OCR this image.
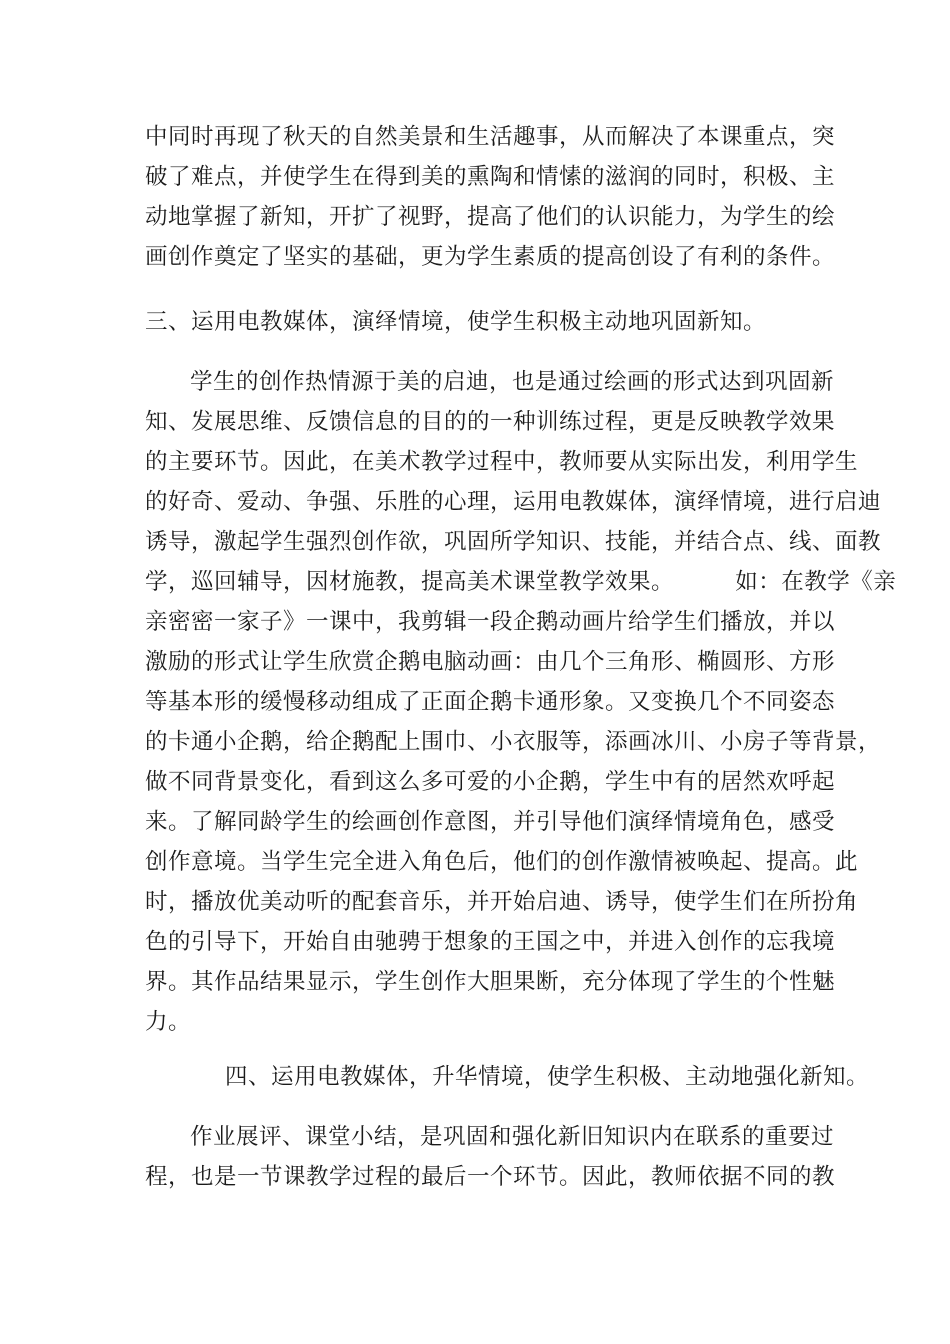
中同时再现了秋天的自然美景和生活趣事，从而解决了本课重点，突
破了难点，并使学生在得到美的熏陶和情愫的滋润的同时，积极、主
动地掌握了新知，开扩了视野，提高了他们的认识能力，为学生的绘
画创作奠定了坚实的基础，更为学生素质的提高创设了有利的条件。
三、运用电教媒体，演绎情境，使学生积极主动地巩固新知。
学生的创作热情源于美的启迪，也是通过绘画的形式达到巩固新
知、发展思维、反馈信息的目的的一种训练过程，更是反映教学效果
的主要环节。因此，在美术教学过程中，教师要从实际出发，利用学生
的好奇、爱动、争强、乐胜的心理，运用电教媒体，演绎情境，进行启迪
诱导，激起学生强烈创作欲，巩固所学知识、技能，并结合点、线、面教
学，巡回辅导，因材施教，提高美术课堂教学效果。        如：在教学《亲
亲密密一家子》一课中，我剪辑一段企鹅动画片给学生们播放，并以
激励的形式让学生欣赏企鹅电脑动画：由几个三角形、椭圆形、方形
等基本形的缓慢移动组成了正面企鹅卡通形象。又变换几个不同姿态
的卡通小企鹅，给企鹅配上围巾、小衣服等，添画冰川、小房子等背景，
做不同背景变化，看到这么多可爱的小企鹅，学生中有的居然欢呼起
来。了解同龄学生的绘画创作意图，并引导他们演绎情境角色，感受
创作意境。当学生完全进入角色后，他们的创作激情被唤起、提高。此
时，播放优美动听的配套音乐，并开始启迪、诱导，使学生们在所扮角
色的引导下，开始自由驰骋于想象的王国之中，并进入创作的忘我境
界。其作品结果显示，学生创作大胆果断，充分体现了学生的个性魅
力。
四、运用电教媒体，升华情境，使学生积极、主动地强化新知。
作业展评、课堂小结，是巩固和强化新旧知识内在联系的重要过
程，也是一节课教学过程的最后一个环节。因此，教师依据不同的教
